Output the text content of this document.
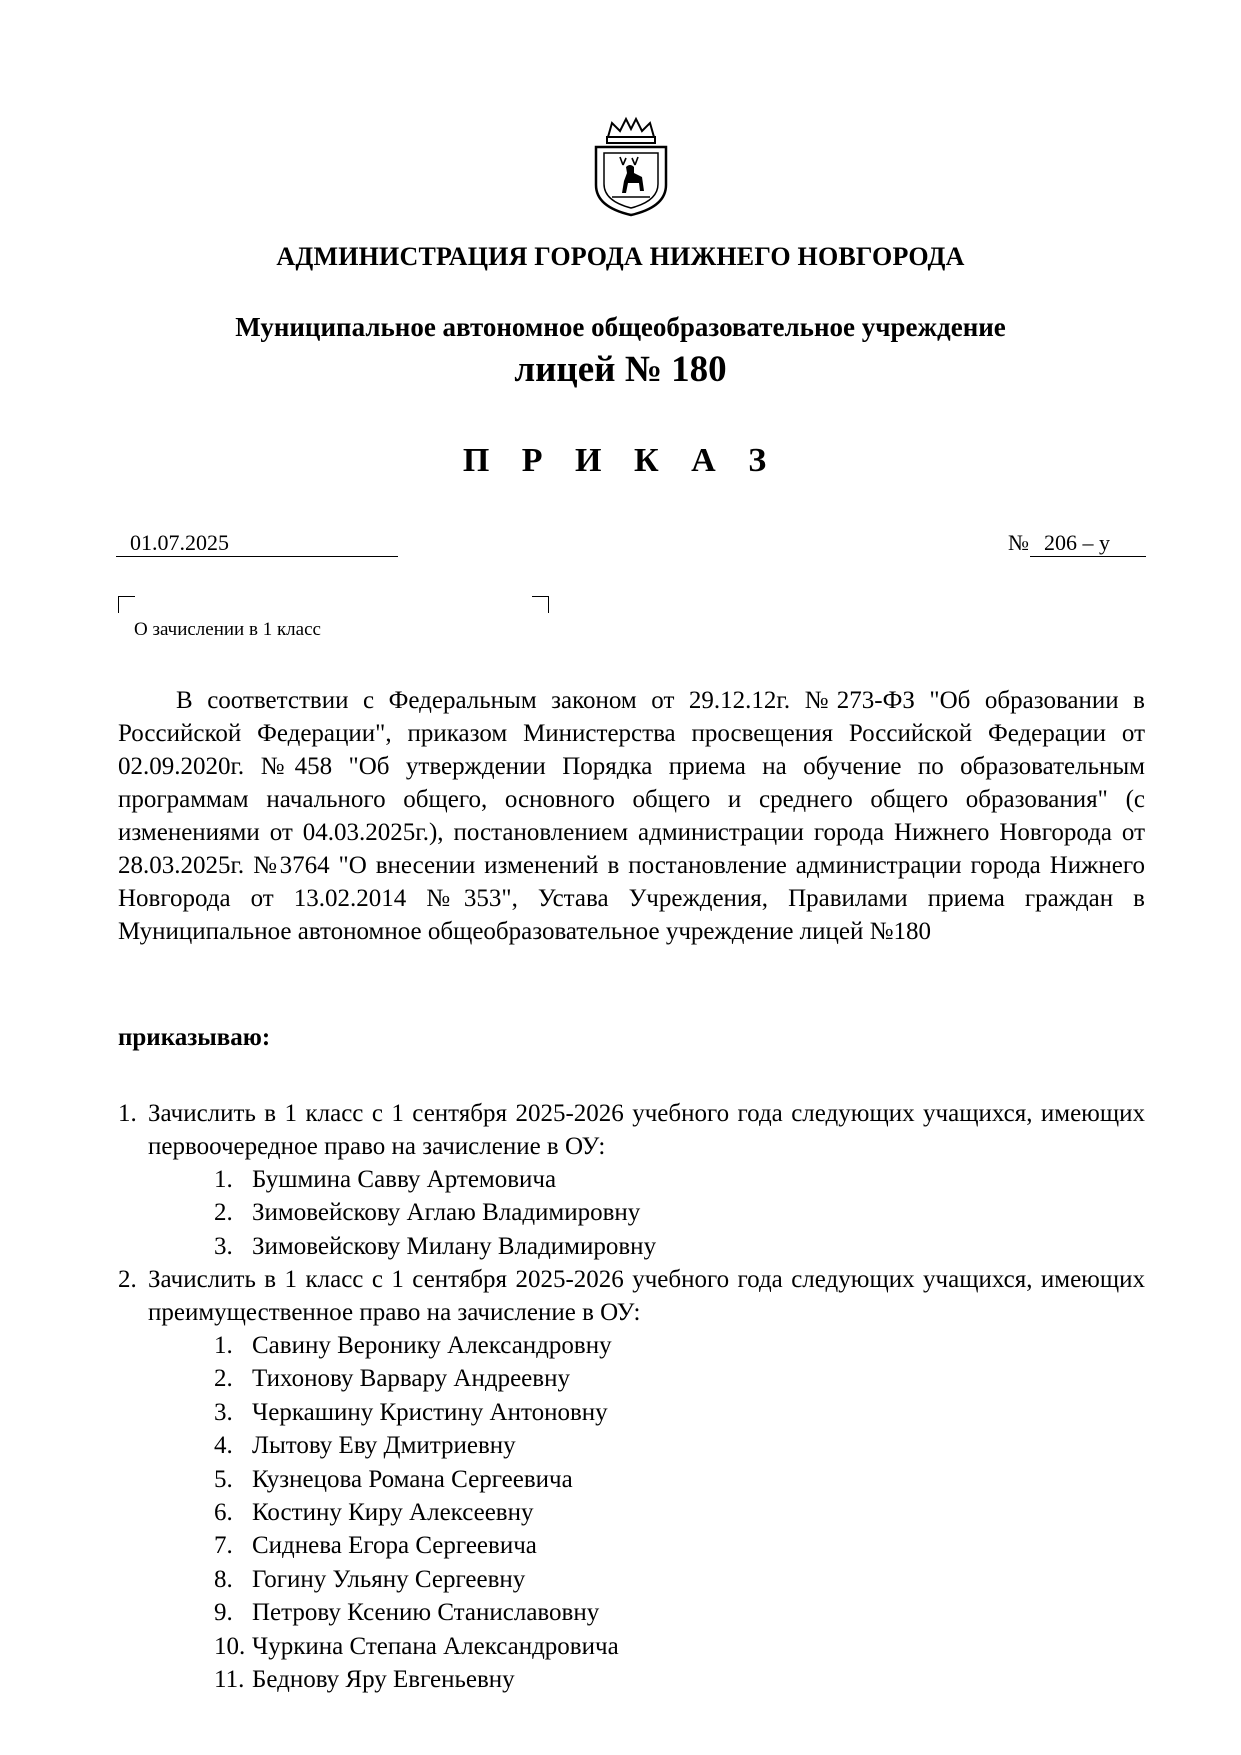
АДМИНИСТРАЦИЯ ГОРОДА НИЖНЕГО НОВГОРОДА
Муниципальное автономное общеобразовательное учреждение
лицей № 180
П Р И К А З
01.07.2025	№ 206 – у
О зачислении в 1 класс

В соответствии с Федеральным законом от 29.12.12г. №273-ФЗ "Об образовании в Российской Федерации", приказом Министерства просвещения Российской Федерации от 02.09.2020г. №458 "Об утверждении Порядка приема на обучение по образовательным программам начального общего, основного общего и среднего общего образования" (с изменениями от 04.03.2025г.), постановлением администрации города Нижнего Новгорода от 28.03.2025г. №3764 "О внесении изменений в постановление администрации города Нижнего Новгорода от 13.02.2014 №353", Устава Учреждения, Правилами приема граждан в Муниципальное автономное общеобразовательное учреждение лицей №180

приказываю:
1. Зачислить в 1 класс с 1 сентября 2025-2026 учебного года следующих учащихся, имеющих первоочередное право на зачисление в ОУ:
1. Бушмина Савву Артемовича
2. Зимовейскову Аглаю Владимировну
3. Зимовейскову Милану Владимировну
2. Зачислить в 1 класс с 1 сентября 2025-2026 учебного года следующих учащихся, имеющих преимущественное право на зачисление в ОУ:
1. Савину Веронику Александровну
2. Тихонову Варвару Андреевну
3. Черкашину Кристину Антоновну
4. Лытову Еву Дмитриевну
5. Кузнецова Романа Сергеевича
6. Костину Киру Алексеевну
7. Сиднева Егора Сергеевича
8. Гогину Ульяну Сергеевну
9. Петрову Ксению Станиславовну
10. Чуркина Степана Александровича
11. Беднову Яру Евгеньевну
